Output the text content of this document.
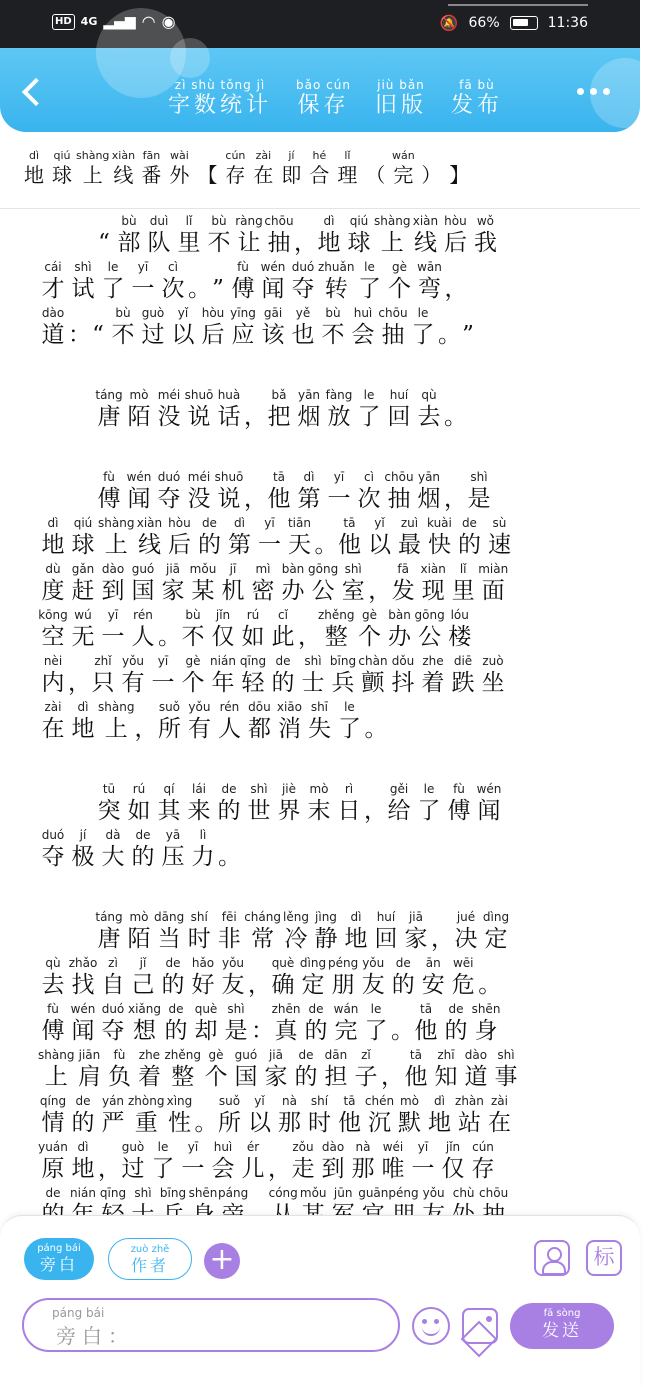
HD 4G ▂▄▆ ◠ ◉	🔕 66%	11:36
zì shù tǒng jì
字数统计
bǎo cún
保存
jiù bǎn
旧版
fā bù
发布
dì
地
qiú
球
shàng
上
xiàn
线
fān
番
wài
外 【
cún
存
zài
在
jí
即
hé
合
lǐ
理 （
wán
完 ） 】
“
bù
部
duì
队
lǐ
里
bù
不
ràng
让
chōu
抽 ，
dì
地
qiú
球
shàng
上
xiàn
线
hòu
后
wǒ
我
cái
才
shì
试
le
了
yī
一
cì
次 。 ”
fù
傅
wén
闻
duó
夺
zhuǎn
转
le
了
gè
个
wān
弯 ，
dào
道 ： “
bù
不
guò
过
yǐ
以
hòu
后
yīng
应
gāi
该
yě
也
bù
不
huì
会
chōu
抽
le
了 。 ”
táng
唐
mò
陌
méi
没
shuō
说
huà
话 ，
bǎ
把
yān
烟
fàng
放
le
了
huí
回
qù
去 。
fù
傅
wén
闻
duó
夺
méi
没
shuō
说 ，
tā
他
dì
第
yī
一
cì
次
chōu
抽
yān
烟 ，
shì
是
dì
地
qiú
球
shàng
上
xiàn
线
hòu
后
de
的
dì
第
yī
一
tiān
天 。
tā
他
yǐ
以
zuì
最
kuài
快
de
的
sù
速
dù
度
gǎn
赶
dào
到
guó
国
jiā
家
mǒu
某
jī
机
mì
密
bàn
办
gōng
公
shì
室 ，
fā
发
xiàn
现
lǐ
里
miàn
面
kōng
空
wú
无
yī
一
rén
人 。
bù
不
jǐn
仅
rú
如
cǐ
此 ，
zhěng
整
gè
个
bàn
办
gōng
公
lóu
楼
nèi
内 ，
zhǐ
只
yǒu
有
yī
一
gè
个
nián
年
qīng
轻
de
的
shì
士
bīng
兵
chàn
颤
dǒu
抖
zhe
着
diē
跌
zuò
坐
zài
在
dì
地
shàng
上 ，
suǒ
所
yǒu
有
rén
人
dōu
都
xiāo
消
shī
失
le
了 。
tū
突
rú
如
qí
其
lái
来
de
的
shì
世
jiè
界
mò
末
rì
日 ，
gěi
给
le
了
fù
傅
wén
闻
duó
夺
jí
极
dà
大
de
的
yā
压
lì
力 。
táng
唐
mò
陌
dāng
当
shí
时
fēi
非
cháng
常
lěng
冷
jìng
静
dì
地
huí
回
jiā
家 ，
jué
决
dìng
定
qù
去
zhǎo
找
zì
自
jǐ
己
de
的
hǎo
好
yǒu
友 ，
què
确
dìng
定
péng
朋
yǒu
友
de
的
ān
安
wēi
危 。
fù
傅
wén
闻
duó
夺
xiǎng
想
de
的
què
却
shì
是 ：
zhēn
真
de
的
wán
完
le
了 。
tā
他
de
的
shēn
身
shàng
上
jiān
肩
fù
负
zhe
着
zhěng
整
gè
个
guó
国
jiā
家
de
的
dān
担
zǐ
子 ，
tā
他
zhī
知
dào
道
shì
事
qíng
情
de
的
yán
严
zhòng
重
xìng
性 。
suǒ
所
yǐ
以
nà
那
shí
时
tā
他
chén
沉
mò
默
dì
地
zhàn
站
zài
在
yuán
原
dì
地 ，
guò
过
le
了
yī
一
huì
会
ér
儿 ，
zǒu
走
dào
到
nà
那
wéi
唯
yī
一
jǐn
仅
cún
存
de nián qīng shì bīng shēn páng cóng mǒu jūn guān péng yǒu chù chōu
páng bái
旁白
zuò zhě
作者	+	标
páng bái
旁白：
fā sòng
发送
